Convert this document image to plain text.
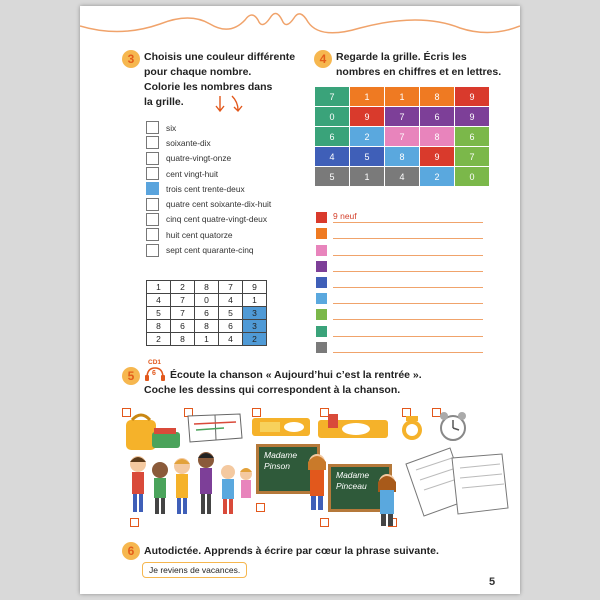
3 Choisis une couleur différente
pour chaque nombre.
Colorie les nombres dans
la grille.
six
soixante-dix
quatre-vingt-onze
cent vingt-huit
trois cent trente-deux
quatre cent soixante-dix-huit
cinq cent quatre-vingt-deux
huit cent quatorze
sept cent quarante-cinq
1	2	8	7	9
4	7	0	4	1
5	7	6	5	3
8	6	8	6	3
2	8	1	4	2
4 Regarde la grille. Écris les
nombres en chiffres et en lettres.
7	1	1	8	9
0	9	7	6	9
6	2	7	8	6
4	5	8	9	7
5	1	4	2	0
9 neuf
5
CD1
6 Écoute la chanson « Aujourd’hui c’est la rentrée ».
Coche les dessins qui correspondent à la chanson.
Madame
Pinson
Madame
Pinceau
6 Autodictée. Apprends à écrire par cœur la phrase suivante.
Je reviens de vacances.
5
